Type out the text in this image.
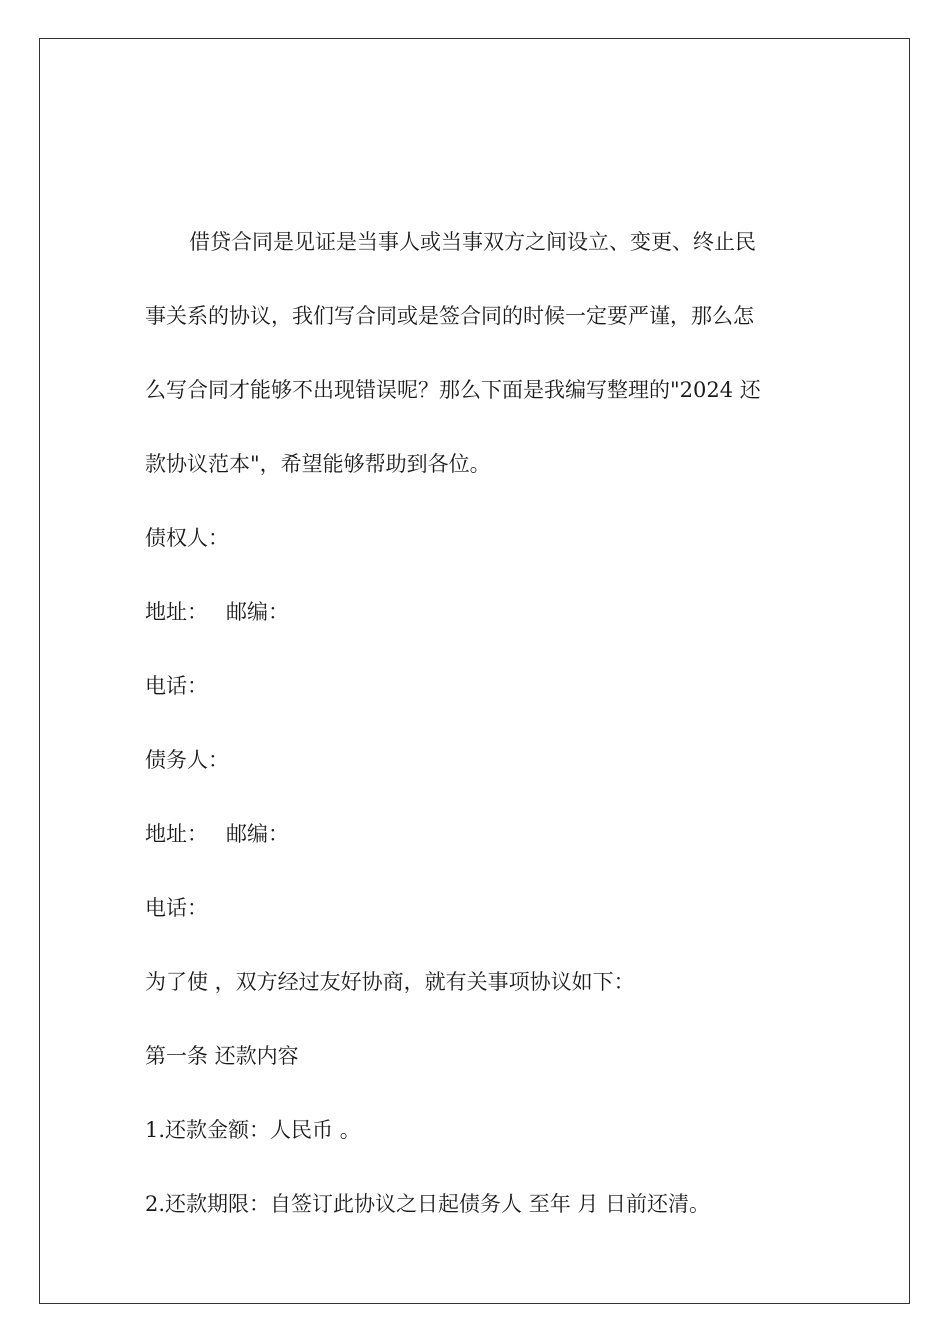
借贷合同是见证是当事人或当事双方之间设立、变更、终止民

事关系的协议，我们写合同或是签合同的时候一定要严谨，那么怎

么写合同才能够不出现错误呢？那么下面是我编写整理的"2024 还

款协议范本"，希望能够帮助到各位。

债权人：

地址： 邮编：

电话：

债务人：

地址： 邮编：

电话：

为了使 ，双方经过友好协商，就有关事项协议如下：

第一条 还款内容

1.还款金额：人民币 。

2.还款期限：自签订此协议之日起债务人 至年 月 日前还清。
